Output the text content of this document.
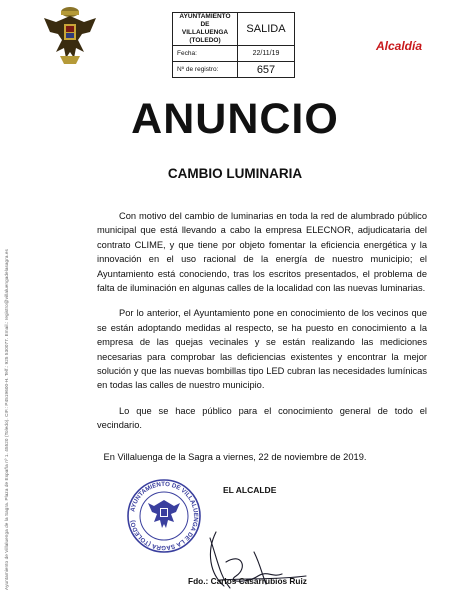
AYUNTAMIENTO DE VILLALUENGA (TOLEDO)	SALIDA
Fecha:	22/11/19
Nº de registro:	657
Alcaldía
Ayuntamiento de Villaluenga de la Sagra. Plaza de España nº 1. 45520 (Toledo). CIF.: P4519600-H. Telf.: 925 530077. Email.: registro@villaluengadelasagra.es
ANUNCIO
CAMBIO LUMINARIA

Con motivo del cambio de luminarias en toda la red de alumbrado público municipal que está llevando a cabo la empresa ELECNOR, adjudicataria del contrato CLIME, y que tiene por objeto fomentar la eficiencia energética y la innovación en el uso racional de la energía de nuestro municipio; el Ayuntamiento está conociendo, tras los escritos presentados, el problema de falta de iluminación en algunas calles de la localidad con las nuevas luminarias.

Por lo anterior, el Ayuntamiento pone en conocimiento de los vecinos que se están adoptando medidas al respecto, se ha puesto en conocimiento a la empresa de las quejas vecinales y se están realizando las mediciones necesarias para comprobar las deficiencias existentes y encontrar la mejor solución y que las nuevas bombillas tipo LED cubran las necesidades lumínicas en todas las calles de nuestro municipio.

Lo que se hace público para el conocimiento general de todo el vecindario.

En Villaluenga de la Sagra a viernes, 22 de noviembre de 2019.
AYUNTAMIENTO DE VILLALUENGA DE LA SAGRA (TOLEDO)
EL ALCALDE
Fdo.: Carlos Casarrubios Ruiz
